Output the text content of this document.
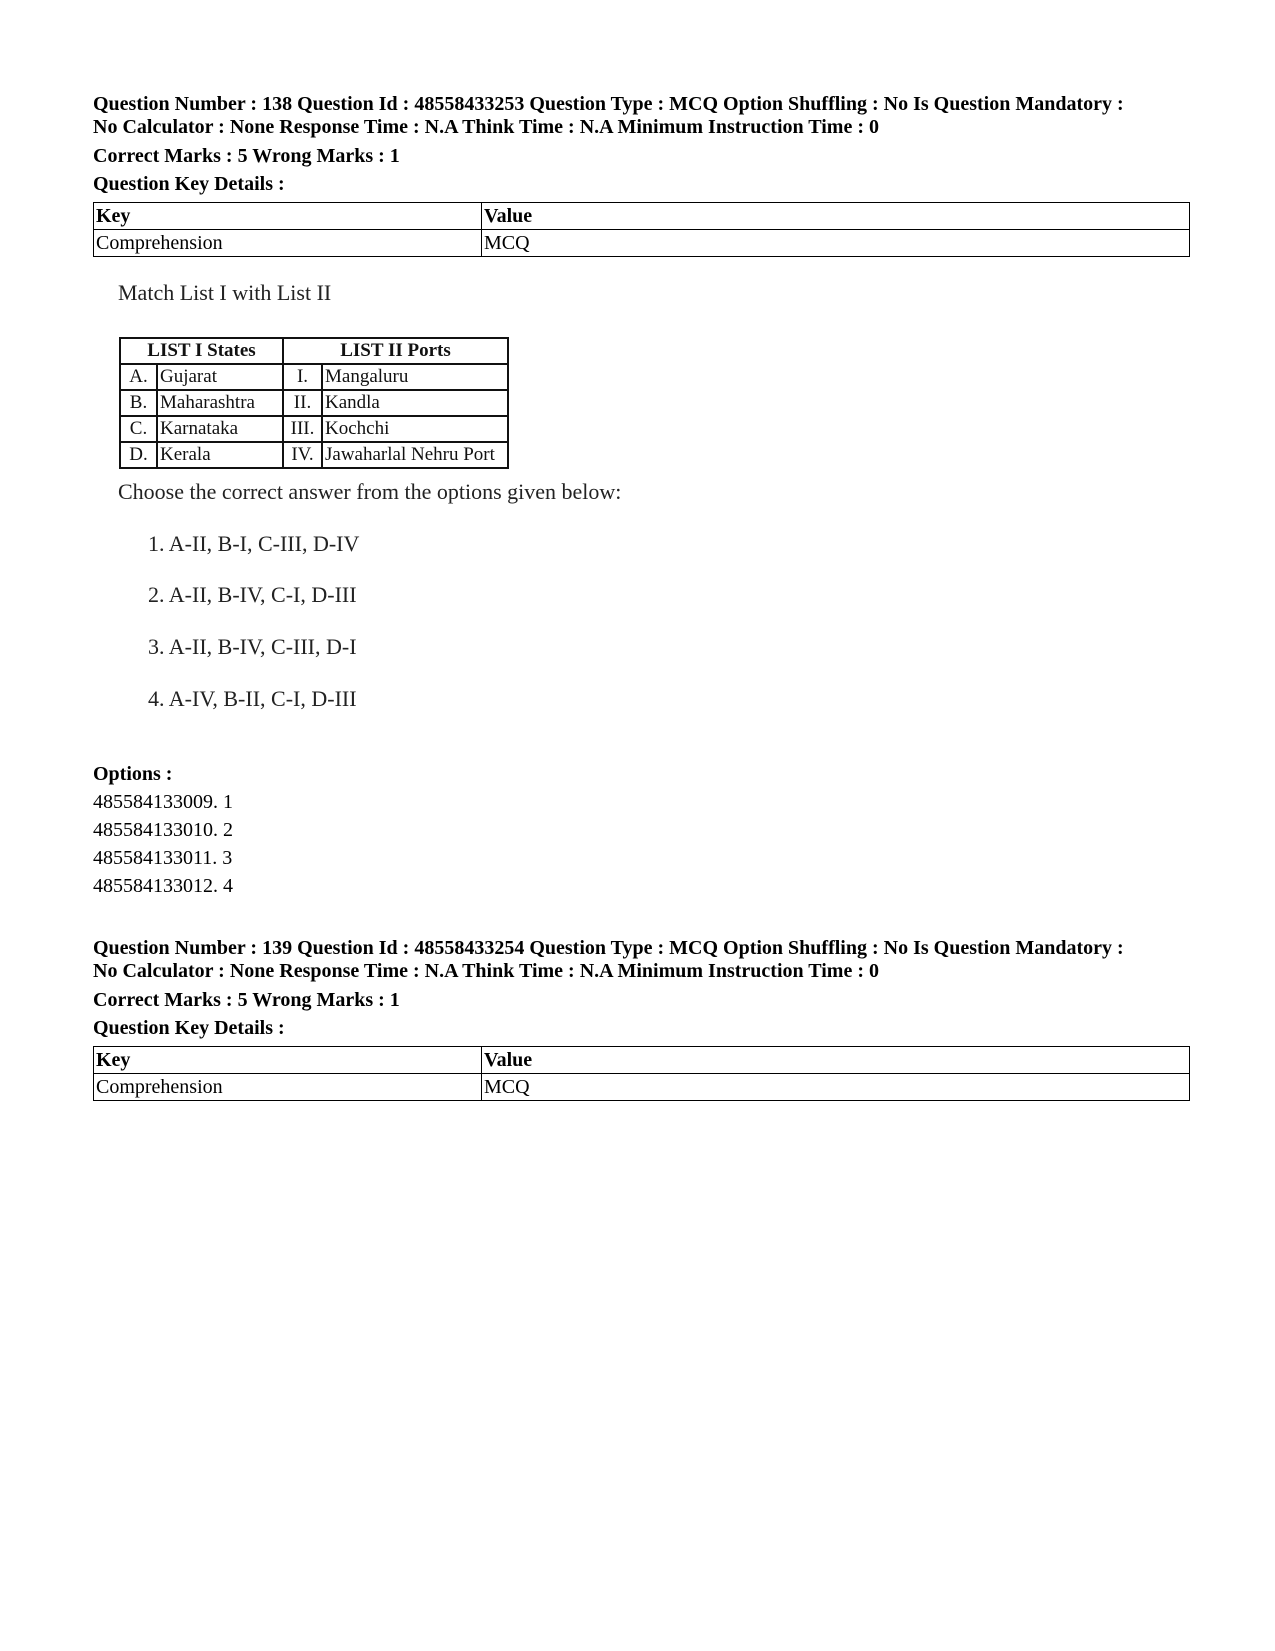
Question Number : 138 Question Id : 48558433253 Question Type : MCQ Option Shuffling : No Is Question Mandatory :
No Calculator : None Response Time : N.A Think Time : N.A Minimum Instruction Time : 0
Correct Marks : 5 Wrong Marks : 1
Question Key Details :
Key	Value
Comprehension	MCQ
Match List I with List II
LIST I States		LIST II Ports	
A.	Gujarat	I.	Mangaluru
B.	Maharashtra	II.	Kandla
C.	Karnataka	III.	Kochchi
D.	Kerala	IV.	Jawaharlal Nehru Port
Choose the correct answer from the options given below:
1. A-II, B-I, C-III, D-IV
2. A-II, B-IV, C-I, D-III
3. A-II, B-IV, C-III, D-I
4. A-IV, B-II, C-I, D-III
Options :
485584133009. 1
485584133010. 2
485584133011. 3
485584133012. 4
Question Number : 139 Question Id : 48558433254 Question Type : MCQ Option Shuffling : No Is Question Mandatory :
No Calculator : None Response Time : N.A Think Time : N.A Minimum Instruction Time : 0
Correct Marks : 5 Wrong Marks : 1
Question Key Details :
Key	Value
Comprehension	MCQ
